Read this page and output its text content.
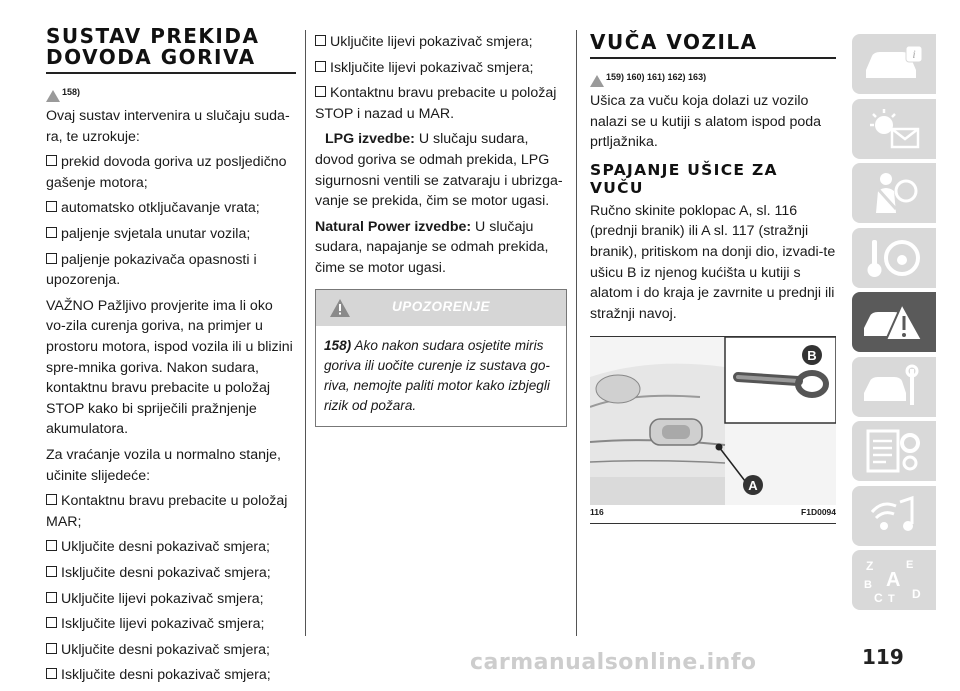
SUSTAV PREKIDA
DOVODA GORIVA
158)

Ovaj sustav intervenira u slučaju suda-ra, te uzrokuje:

prekid dovoda goriva uz posljedično gašenje motora;
automatsko otključavanje vrata;
paljenje svjetala unutar vozila;
paljenje pokazivača opasnosti i upozorenja.

VAŽNO Pažljivo provjerite ima li oko vo-zila curenja goriva, na primjer u prostoru motora, ispod vozila ili u blizini spre-mnika goriva. Nakon sudara, kontaktnu bravu prebacite u položaj STOP kako bi spriječili pražnjenje akumulatora.

Za vraćanje vozila u normalno stanje, učinite slijedeće:

Kontaktnu bravu prebacite u položaj MAR;
Uključite desni pokazivač smjera;
Isključite desni pokazivač smjera;
Uključite lijevi pokazivač smjera;
Isključite lijevi pokazivač smjera;
Uključite desni pokazivač smjera;
Isključite desni pokazivač smjera;
Uključite lijevi pokazivač smjera;
Isključite lijevi pokazivač smjera;
Kontaktnu bravu prebacite u položaj STOP i nazad u MAR.

LPG izvedbe: U slučaju sudara, dovod goriva se odmah prekida, LPG sigurnosni ventili se zatvaraju i ubrizga-vanje se prekida, čim se motor ugasi.

Natural Power izvedbe: U slučaju sudara, napajanje se odmah prekida, čime se motor ugasi.

UPOZORENJE
158) Ako nakon sudara osjetite miris goriva ili uočite curenje iz sustava go-riva, nemojte paliti motor kako izbjegli rizik od požara.
VUČA VOZILA
159) 160) 161) 162) 163)

Ušica za vuču koja dolazi uz vozilo nalazi se u kutiji s alatom ispod poda prtljažnika.

SPAJANJE UŠICE ZA
VUČU

Ručno skinite poklopac A, sl. 116 (prednji branik) ili A sl. 117 (stražnji branik), pritiskom na donji dio, izvadi-te ušicu B iz njenog kućišta u kutiji s alatom i do kraja je zavrnite u prednji ili stražnji navoj.

B
A
116	F1D0094
i
Z	E
A
B
C T D
119
carmanualsonline.info
